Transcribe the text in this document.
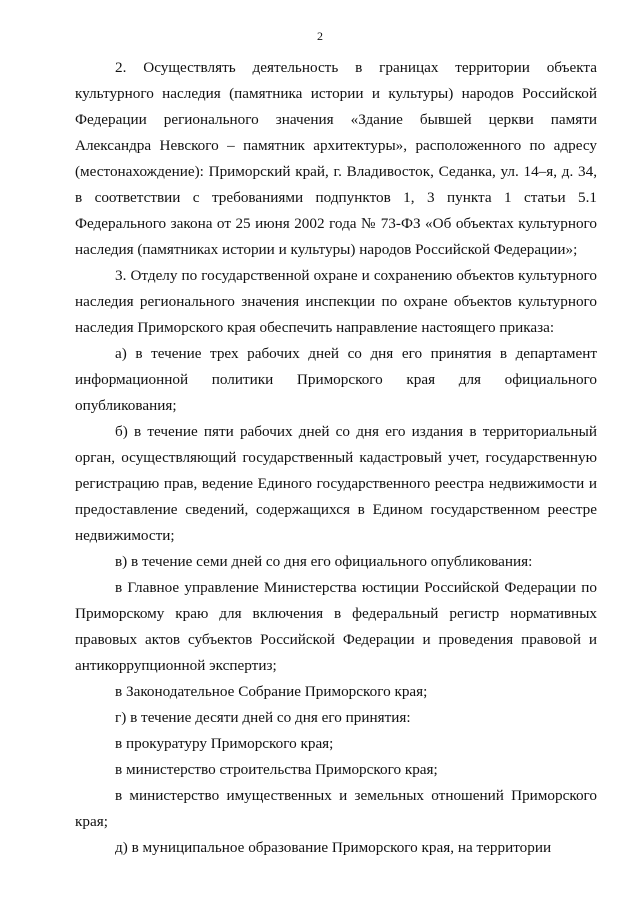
2

2. Осуществлять деятельность в границах территории объекта культурного наследия (памятника истории и культуры) народов Российской Федерации регионального значения «Здание бывшей церкви памяти Александра Невского – памятник архитектуры», расположенного по адресу (местонахождение): Приморский край, г. Владивосток, Седанка, ул. 14–я, д. 34, в соответствии с требованиями подпунктов 1, 3 пункта 1 статьи 5.1 Федерального закона от 25 июня 2002 года № 73-ФЗ «Об объектах культурного наследия (памятниках истории и культуры) народов Российской Федерации»;

3. Отделу по государственной охране и сохранению объектов культурного наследия регионального значения инспекции по охране объектов культурного наследия Приморского края обеспечить направление настоящего приказа:

а) в течение трех рабочих дней со дня его принятия в департамент информационной политики Приморского края для официального опубликования;

б) в течение пяти рабочих дней со дня его издания в территориальный орган, осуществляющий государственный кадастровый учет, государственную регистрацию прав, ведение Единого государственного реестра недвижимости и предоставление сведений, содержащихся в Едином государственном реестре недвижимости;

в) в течение семи дней со дня его официального опубликования:

в Главное управление Министерства юстиции Российской Федерации по Приморскому краю для включения в федеральный регистр нормативных правовых актов субъектов Российской Федерации и проведения правовой и антикоррупционной экспертиз;

в Законодательное Собрание Приморского края;

г) в течение десяти дней со дня его принятия:

в прокуратуру Приморского края;

в министерство строительства Приморского края;

в министерство имущественных и земельных отношений Приморского края;

д) в муниципальное образование Приморского края, на территории
